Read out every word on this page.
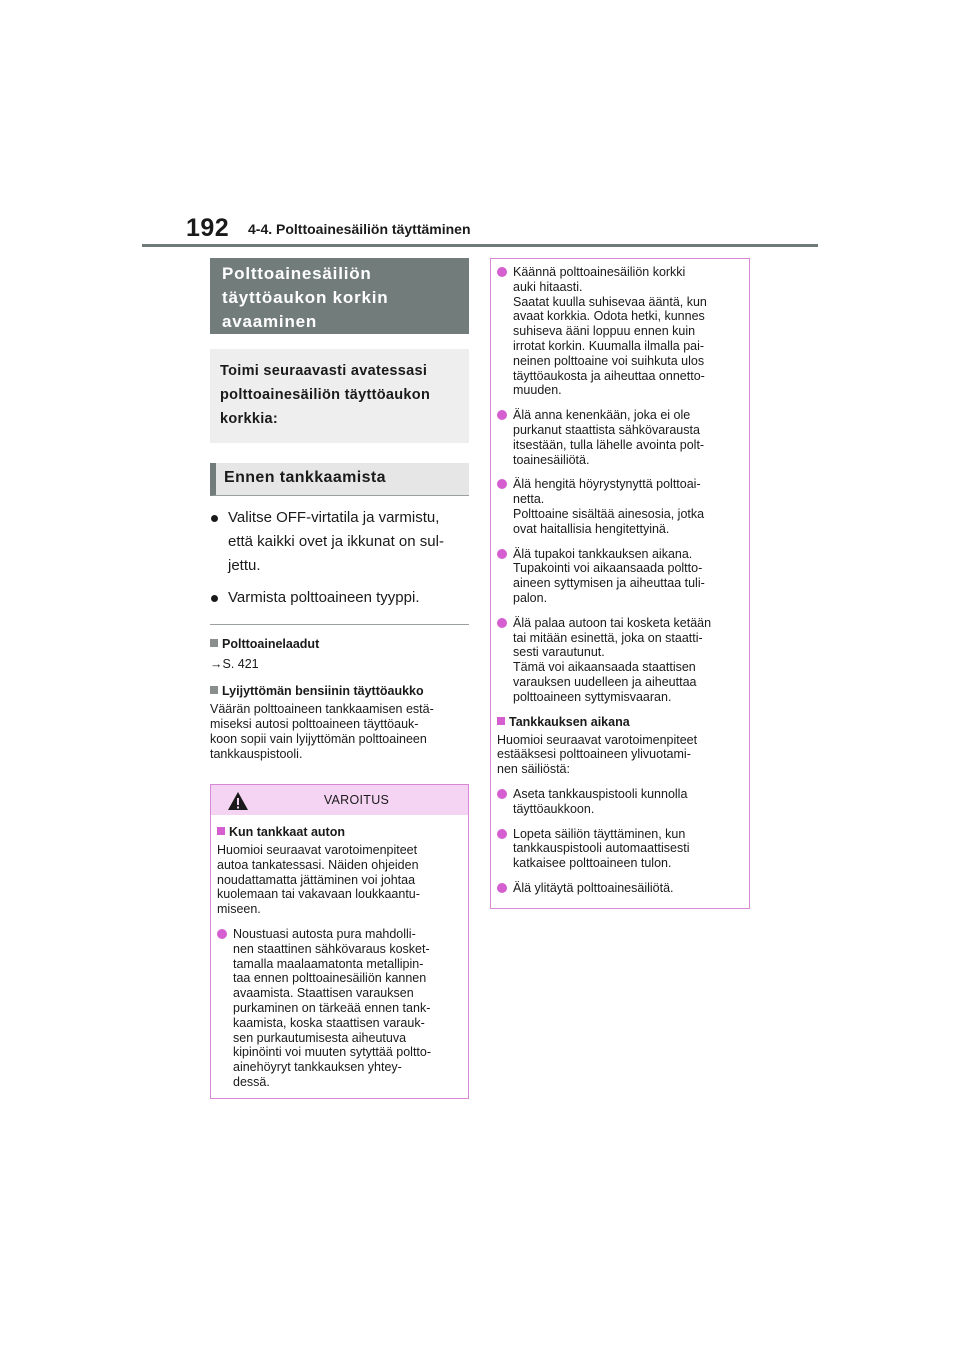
192 4-4. Polttoainesäiliön täyttäminen
Polttoainesäiliön
täyttöaukon korkin
avaaminen
Toimi seuraavasti avatessasi
polttoainesäiliön täyttöaukon
korkkia:
Ennen tankkaamista
Valitse OFF-virtatila ja varmistu,
että kaikki ovet ja ikkunat on sul-
jettu.
Varmista polttoaineen tyyppi.
Polttoainelaadut
→S. 421
Lyijyttömän bensiinin täyttöaukko
Väärän polttoaineen tankkaamisen estä-
miseksi autosi polttoaineen täyttöauk-
koon sopii vain lyijyttömän polttoaineen
tankkauspistooli.
VAROITUS
Kun tankkaat auton
Huomioi seuraavat varotoimenpiteet
autoa tankatessasi. Näiden ohjeiden
noudattamatta jättäminen voi johtaa
kuolemaan tai vakavaan loukkaantu-
miseen.
Noustuasi autosta pura mahdolli-
nen staattinen sähkövaraus kosket-
tamalla maalaamatonta metallipin-
taa ennen polttoainesäiliön kannen
avaamista. Staattisen varauksen
purkaminen on tärkeää ennen tank-
kaamista, koska staattisen varauk-
sen purkautumisesta aiheutuva
kipinöinti voi muuten sytyttää poltto-
ainehöyryt tankkauksen yhtey-
dessä.
Käännä polttoainesäiliön korkki
auki hitaasti.
Saatat kuulla suhisevaa ääntä, kun
avaat korkkia. Odota hetki, kunnes
suhiseva ääni loppuu ennen kuin
irrotat korkin. Kuumalla ilmalla pai-
neinen polttoaine voi suihkuta ulos
täyttöaukosta ja aiheuttaa onnetto-
muuden.
Älä anna kenenkään, joka ei ole
purkanut staattista sähkövarausta
itsestään, tulla lähelle avointa polt-
toainesäiliötä.
Älä hengitä höyrystynyttä polttoai-
netta.
Polttoaine sisältää ainesosia, jotka
ovat haitallisia hengitettyinä.
Älä tupakoi tankkauksen aikana.
Tupakointi voi aikaansaada poltto-
aineen syttymisen ja aiheuttaa tuli-
palon.
Älä palaa autoon tai kosketa ketään
tai mitään esinettä, joka on staatti-
sesti varautunut.
Tämä voi aikaansaada staattisen
varauksen uudelleen ja aiheuttaa
polttoaineen syttymisvaaran.
Tankkauksen aikana
Huomioi seuraavat varotoimenpiteet
estääksesi polttoaineen ylivuotami-
nen säiliöstä:
Aseta tankkauspistooli kunnolla
täyttöaukkoon.
Lopeta säiliön täyttäminen, kun
tankkauspistooli automaattisesti
katkaisee polttoaineen tulon.
Älä ylitäytä polttoainesäiliötä.
